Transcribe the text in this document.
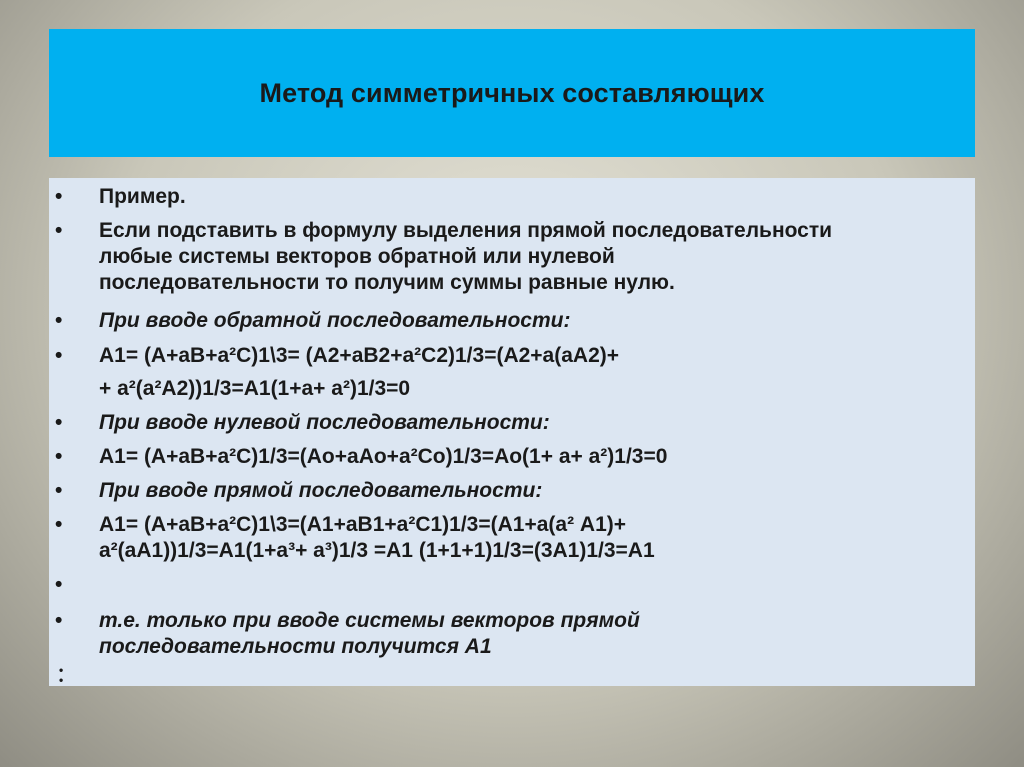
Метод симметричных составляющих
•	Пример.
•	Если подставить в формулу выделения прямой последовательности
любые системы векторов обратной или нулевой
последовательности то получим суммы равные нулю.
•	При вводе обратной последовательности:
•	А1= (А+аВ+а²С)1\3= (А2+аВ2+а²С2)1/3=(А2+а(аА2)+
+ а²(а²А2))1/3=А1(1+а+ а²)1/3=0
•	При вводе нулевой последовательности:
•	А1= (А+аВ+а²С)1/3=(Ао+аАо+а²Со)1/3=Ао(1+ а+ а²)1/3=0
•	При вводе прямой последовательности:
•	А1= (А+аВ+а²С)1\3=(А1+аВ1+а²С1)1/3=(А1+а(а² А1)+
а²(аА1))1/3=А1(1+а³+ а³)1/3 =А1 (1+1+1)1/3=(3А1)1/3=А1
•
•	т.е. только при вводе системы векторов прямой
последовательности получится А1
•
•
